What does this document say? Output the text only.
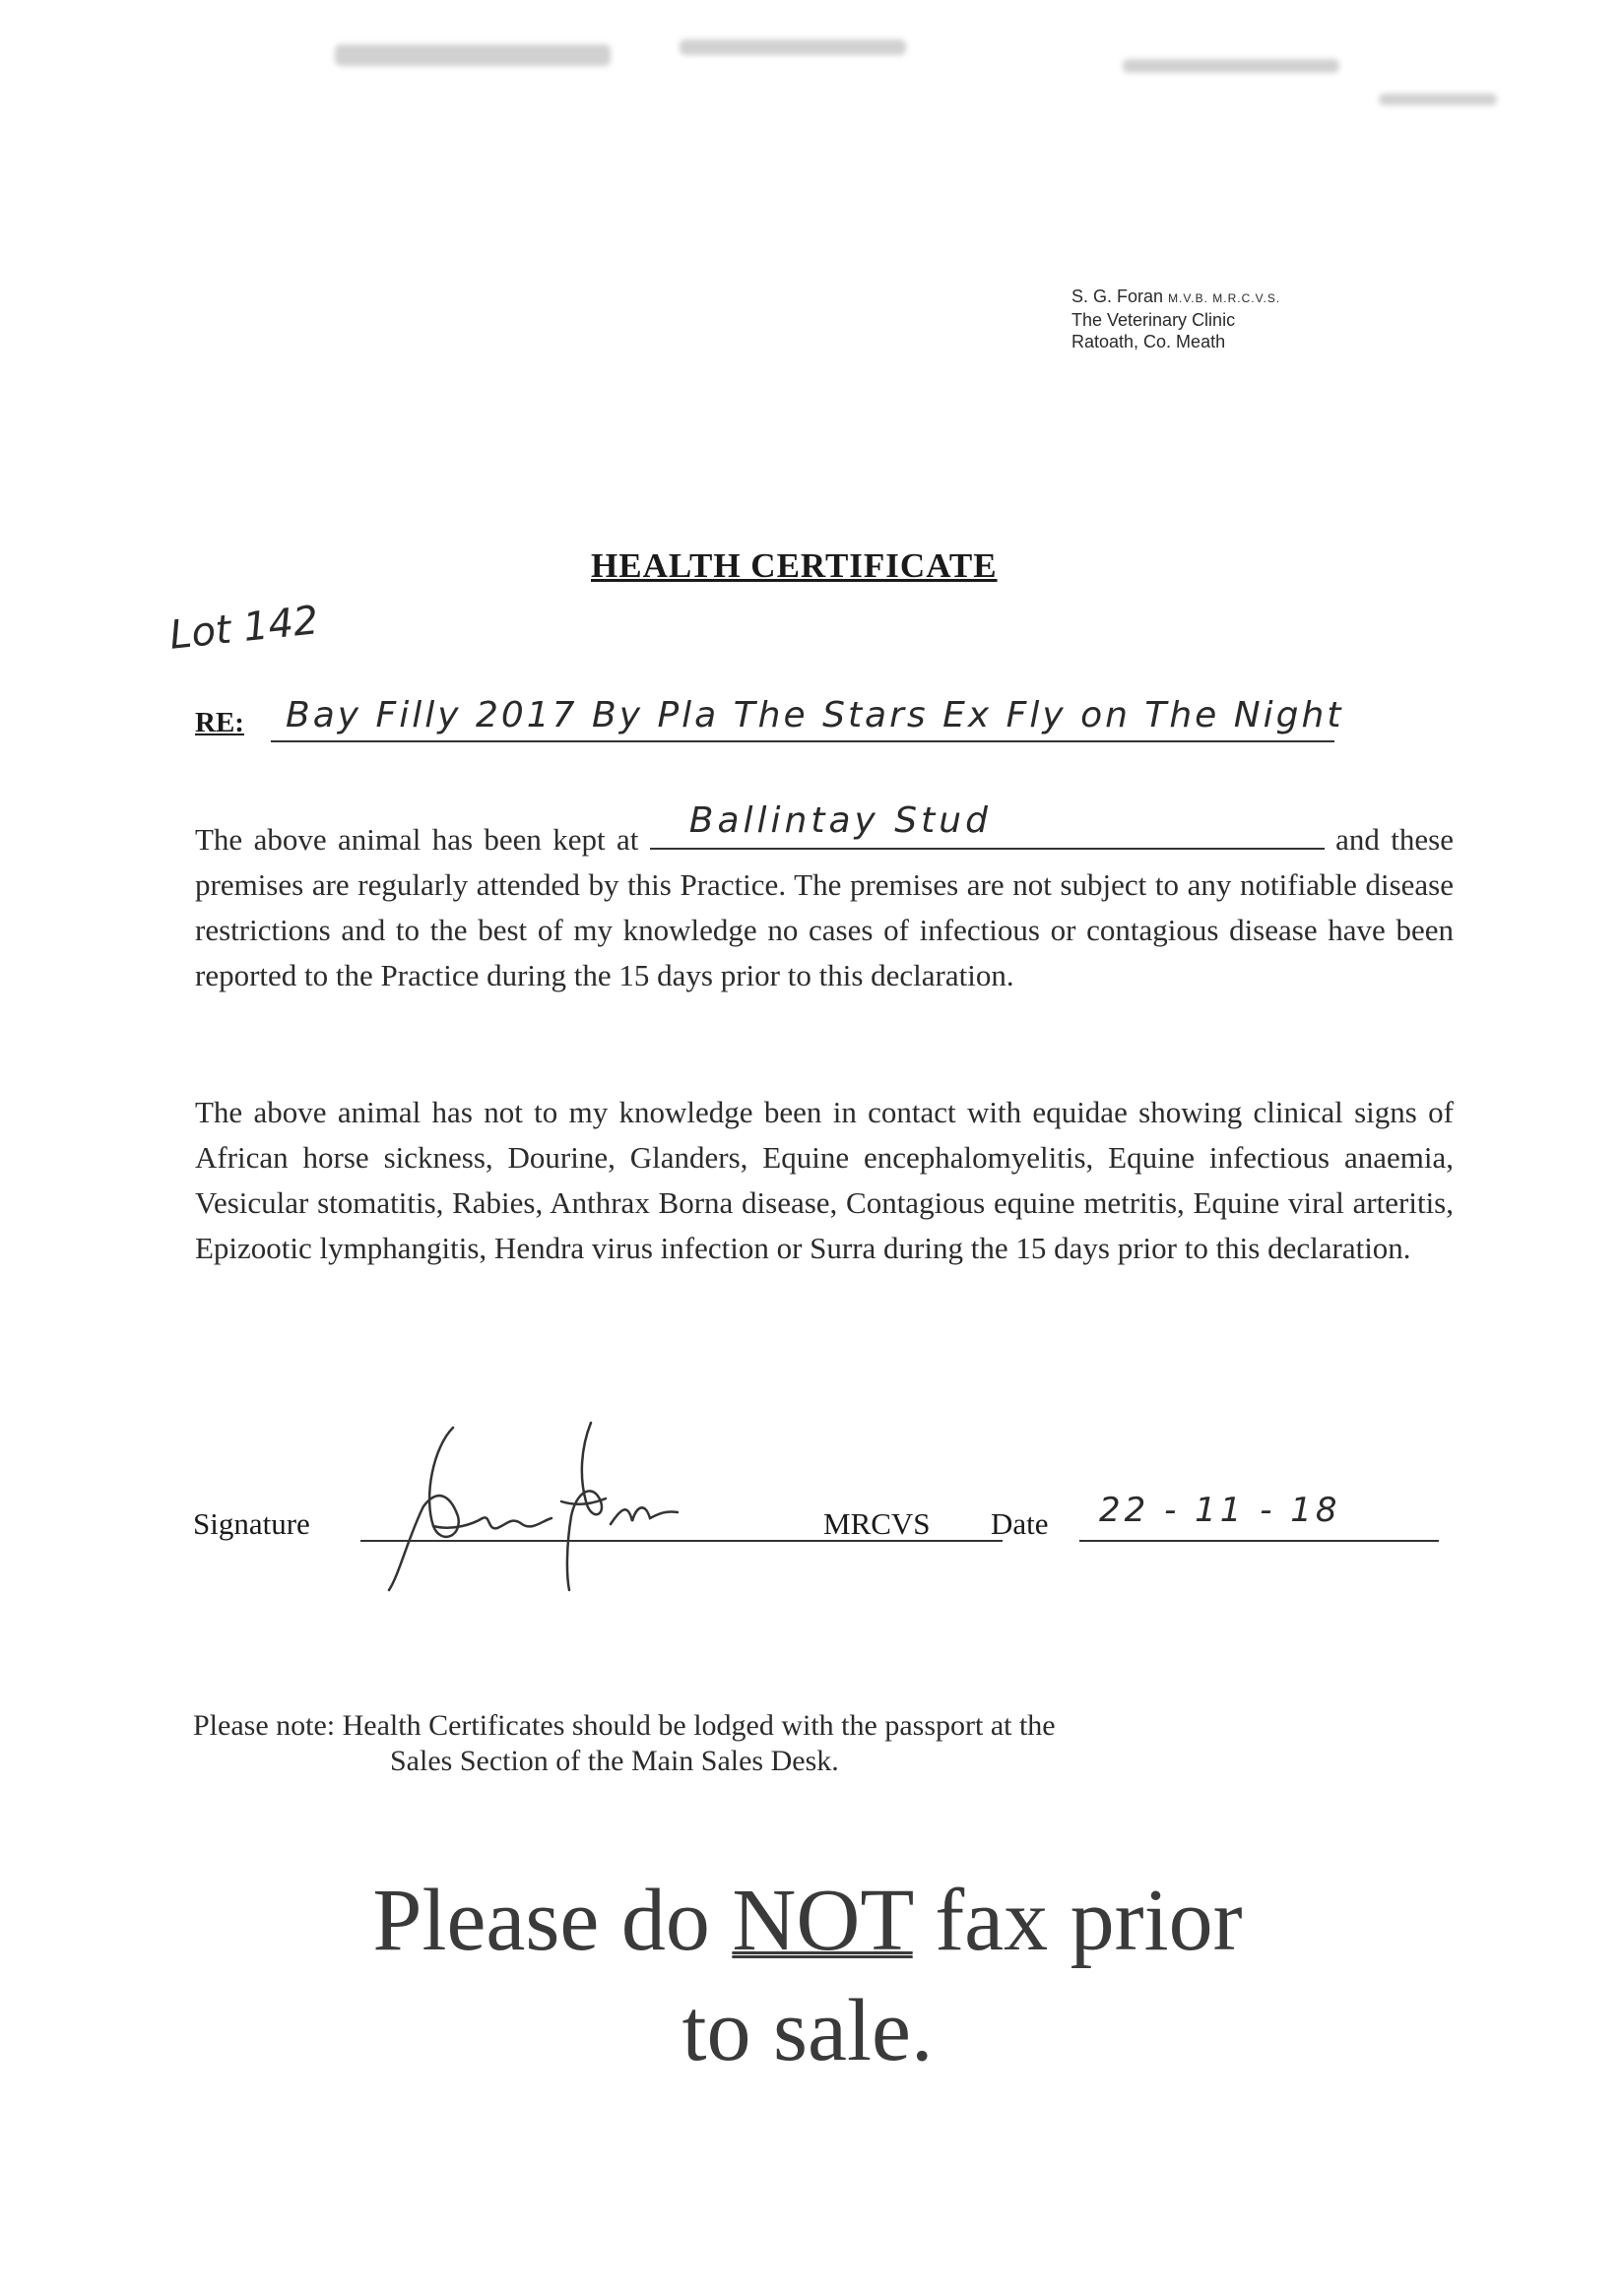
S. G. Foran M.V.B. M.R.C.V.S.
The Veterinary Clinic
Ratoath, Co. Meath
HEALTH CERTIFICATE
Lot 142
RE: Bay Filly 2017 By Pla The Stars Ex Fly on The Night
The above animal has been kept at Ballintay Stud	and these premises are regularly attended by this Practice. The premises are not subject to any notifiable disease restrictions and to the best of my knowledge no cases of infectious or contagious disease have been reported to the Practice during the 15 days prior to this declaration.
The above animal has not to my knowledge been in contact with equidae showing clinical signs of African horse sickness, Dourine, Glanders, Equine encephalomyelitis, Equine infectious anaemia, Vesicular stomatitis, Rabies, Anthrax Borna disease, Contagious equine metritis, Equine viral arteritis, Epizootic lymphangitis, Hendra virus infection or Surra during the 15 days prior to this declaration.
Signature	MRCVS Date 22 - 11 - 18
Please note: Health Certificates should be lodged with the passport at the
Sales Section of the Main Sales Desk.
Please do NOT fax prior
to sale.
